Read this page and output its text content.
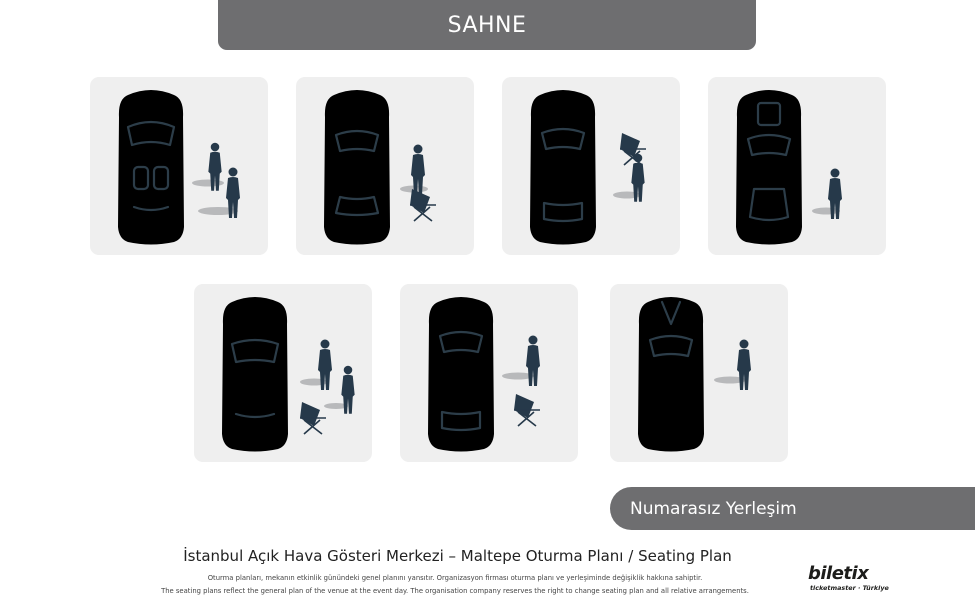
SAHNE
Numarasız Yerleşim
İstanbul Açık Hava Gösteri Merkezi – Maltepe Oturma Planı / Seating Plan
Oturma planları, mekanın etkinlik günündeki genel planını yansıtır. Organizasyon firması oturma planı ve yerleşiminde değişiklik hakkına sahiptir.
The seating plans reflect the general plan of the venue at the event day. The organisation company reserves the right to change seating plan and all relative arrangements.
biletix
ticketmaster · Türkiye
